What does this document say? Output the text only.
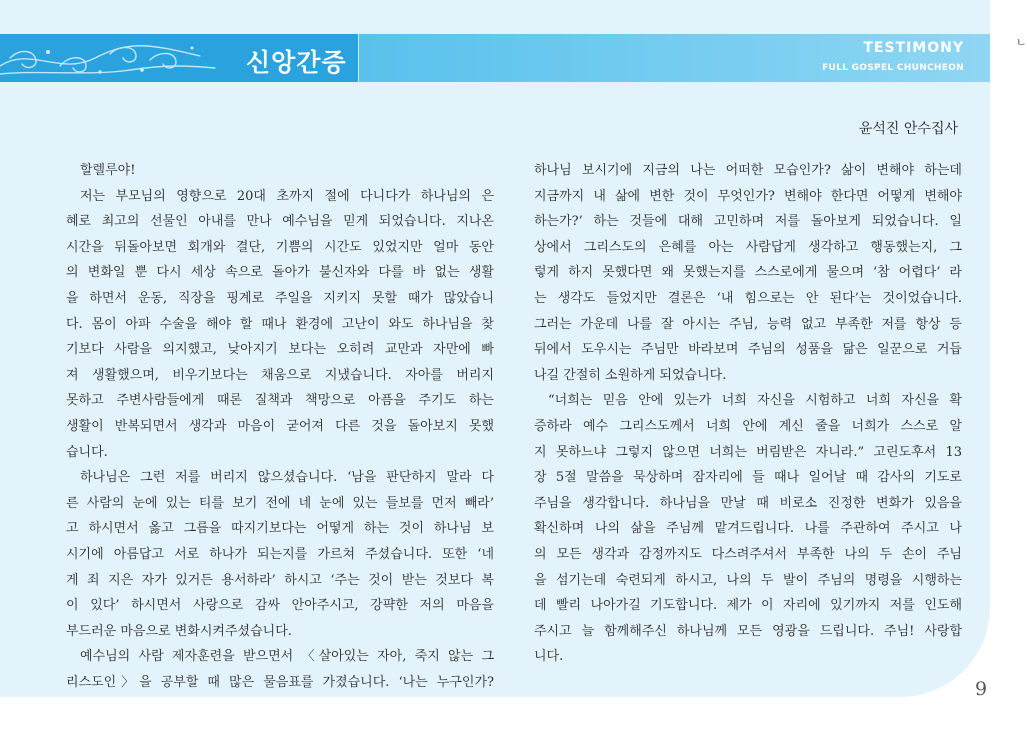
신앙간증	TESTIMONY
FULL GOSPEL CHUNCHEON
ㄴ
윤석진 안수집사
할렐루야!
저는 부모님의 영향으로 20대 초까지 절에 다니다가 하나님의 은
혜로 최고의 선물인 아내를 만나 예수님을 믿게 되었습니다. 지나온
시간을 뒤돌아보면 회개와 결단, 기쁨의 시간도 있었지만 얼마 동안
의 변화일 뿐 다시 세상 속으로 돌아가 불신자와 다를 바 없는 생활
을 하면서 운동, 직장을 핑계로 주일을 지키지 못할 때가 많았습니
다. 몸이 아파 수술을 해야 할 때나 환경에 고난이 와도 하나님을 찾
기보다 사람을 의지했고, 낮아지기 보다는 오히려 교만과 자만에 빠
져 생활했으며, 비우기보다는 채움으로 지냈습니다. 자아를 버리지
못하고 주변사람들에게 때론 질책과 책망으로 아픔을 주기도 하는
생활이 반복되면서 생각과 마음이 굳어져 다른 것을 돌아보지 못했
습니다.
하나님은 그런 저를 버리지 않으셨습니다. ‘남을 판단하지 말라 다
른 사람의 눈에 있는 티를 보기 전에 네 눈에 있는 들보를 먼저 빼라’
고 하시면서 옳고 그름을 따지기보다는 어떻게 하는 것이 하나님 보
시기에 아름답고 서로 하나가 되는지를 가르쳐 주셨습니다. 또한 ‘네
게 죄 지은 자가 있거든 용서하라’ 하시고 ‘주는 것이 받는 것보다 복
이 있다’ 하시면서 사랑으로 감싸 안아주시고, 강퍅한 저의 마음을
부드러운 마음으로 변화시켜주셨습니다.
예수님의 사람 제자훈련을 받으면서 〈살아있는 자아, 죽지 않는 그
리스도인〉을 공부할 때 많은 물음표를 가졌습니다. ‘나는 누구인가?
하나님 보시기에 지금의 나는 어떠한 모습인가? 삶이 변해야 하는데
지금까지 내 삶에 변한 것이 무엇인가? 변해야 한다면 어떻게 변해야
하는가?’ 하는 것들에 대해 고민하며 저를 돌아보게 되었습니다. 일
상에서 그리스도의 은혜를 아는 사람답게 생각하고 행동했는지, 그
렇게 하지 못했다면 왜 못했는지를 스스로에게 물으며 ‘참 어렵다’ 라
는 생각도 들었지만 결론은 ‘내 힘으로는 안 된다’는 것이었습니다.
그러는 가운데 나를 잘 아시는 주님, 능력 없고 부족한 저를 항상 등
뒤에서 도우시는 주님만 바라보며 주님의 성품을 닮은 일꾼으로 거듭
나길 간절히 소원하게 되었습니다.
“너희는 믿음 안에 있는가 너희 자신을 시험하고 너희 자신을 확
증하라 예수 그리스도께서 너희 안에 계신 줄을 너희가 스스로 알
지 못하느냐 그렇지 않으면 너희는 버림받은 자니라.” 고린도후서 13
장 5절 말씀을 묵상하며 잠자리에 들 때나 일어날 때 감사의 기도로
주님을 생각합니다. 하나님을 만날 때 비로소 진정한 변화가 있음을
확신하며 나의 삶을 주님께 맡겨드립니다. 나를 주관하여 주시고 나
의 모든 생각과 감정까지도 다스려주셔서 부족한 나의 두 손이 주님
을 섬기는데 숙련되게 하시고, 나의 두 발이 주님의 명령을 시행하는
데 빨리 나아가길 기도합니다. 제가 이 자리에 있기까지 저를 인도해
주시고 늘 함께해주신 하나님께 모든 영광을 드립니다. 주님! 사랑합
니다.
9
